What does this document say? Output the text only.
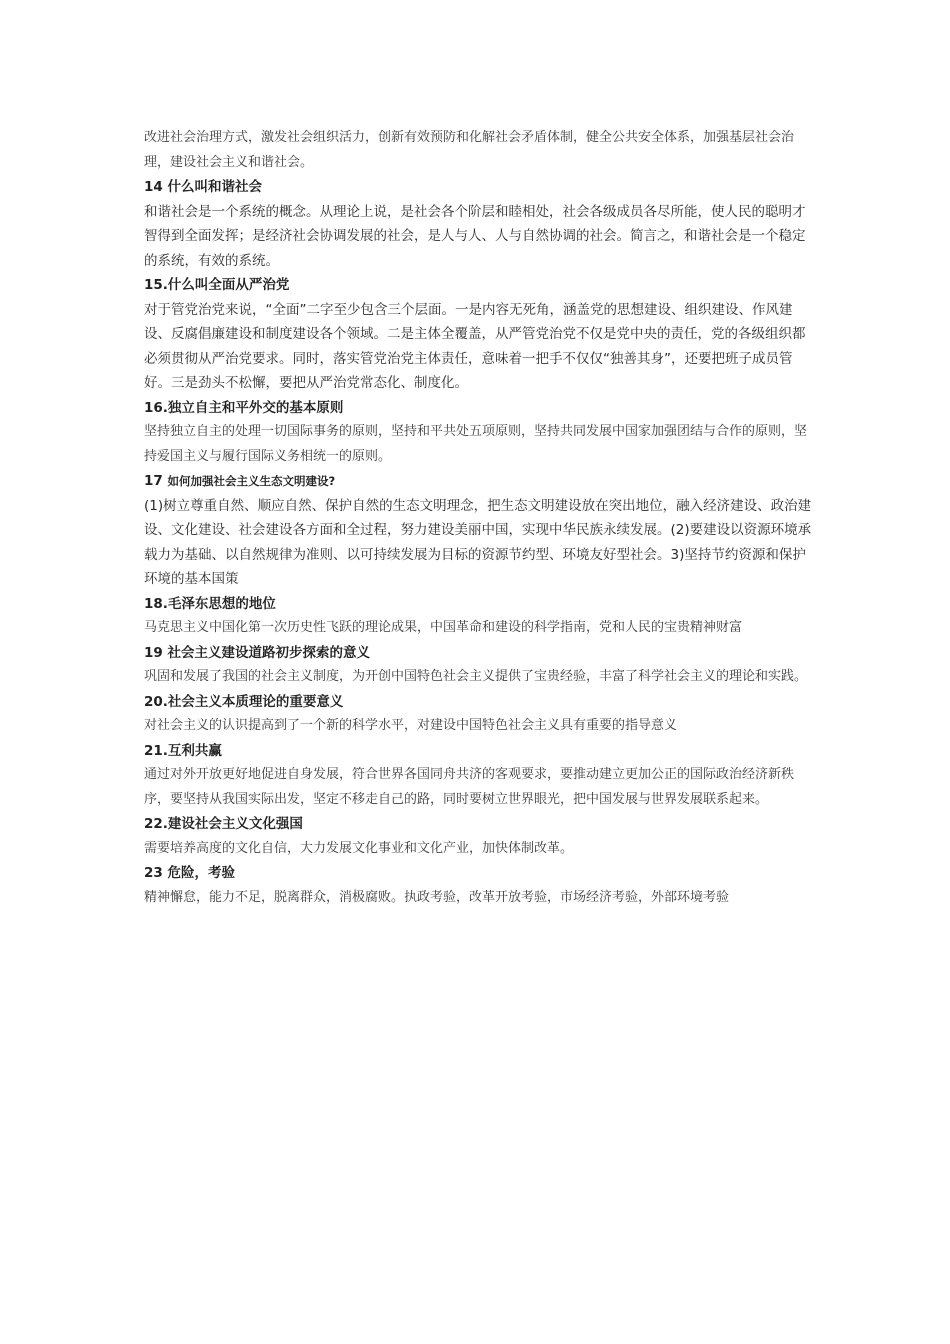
改进社会治理方式，激发社会组织活力，创新有效预防和化解社会矛盾体制，健全公共安全体系，加强基层社会治理，建设社会主义和谐社会。

14 什么叫和谐社会

和谐社会是一个系统的概念。从理论上说，是社会各个阶层和睦相处，社会各级成员各尽所能，使人民的聪明才智得到全面发挥；是经济社会协调发展的社会，是人与人、人与自然协调的社会。简言之，和谐社会是一个稳定的系统，有效的系统。

15.什么叫全面从严治党

对于管党治党来说，“全面”二字至少包含三个层面。一是内容无死角，涵盖党的思想建设、组织建设、作风建设、反腐倡廉建设和制度建设各个领域。二是主体全覆盖，从严管党治党不仅是党中央的责任，党的各级组织都必须贯彻从严治党要求。同时，落实管党治党主体责任，意味着一把手不仅仅“独善其身”，还要把班子成员管好。三是劲头不松懈，要把从严治党常态化、制度化。

16.独立自主和平外交的基本原则

坚持独立自主的处理一切国际事务的原则，坚持和平共处五项原则，坚持共同发展中国家加强团结与合作的原则，坚持爱国主义与履行国际义务相统一的原则。

17 如何加强社会主义生态文明建设?

(1)树立尊重自然、顺应自然、保护自然的生态文明理念，把生态文明建设放在突出地位，融入经济建设、政治建设、文化建设、社会建设各方面和全过程，努力建设美丽中国，实现中华民族永续发展。(2)要建设以资源环境承载力为基础、以自然规律为准则、以可持续发展为目标的资源节约型、环境友好型社会。3)坚持节约资源和保护环境的基本国策

18.毛泽东思想的地位

马克思主义中国化第一次历史性飞跃的理论成果，中国革命和建设的科学指南，党和人民的宝贵精神财富

19 社会主义建设道路初步探索的意义

巩固和发展了我国的社会主义制度，为开创中国特色社会主义提供了宝贵经验，丰富了科学社会主义的理论和实践。

20.社会主义本质理论的重要意义

对社会主义的认识提高到了一个新的科学水平，对建设中国特色社会主义具有重要的指导意义

21.互利共赢

通过对外开放更好地促进自身发展，符合世界各国同舟共济的客观要求，要推动建立更加公正的国际政治经济新秩序，要坚持从我国实际出发，坚定不移走自己的路，同时要树立世界眼光，把中国发展与世界发展联系起来。

22.建设社会主义文化强国

需要培养高度的文化自信，大力发展文化事业和文化产业，加快体制改革。

23 危险，考验

精神懈怠，能力不足，脱离群众，消极腐败。执政考验，改革开放考验，市场经济考验，外部环境考验
